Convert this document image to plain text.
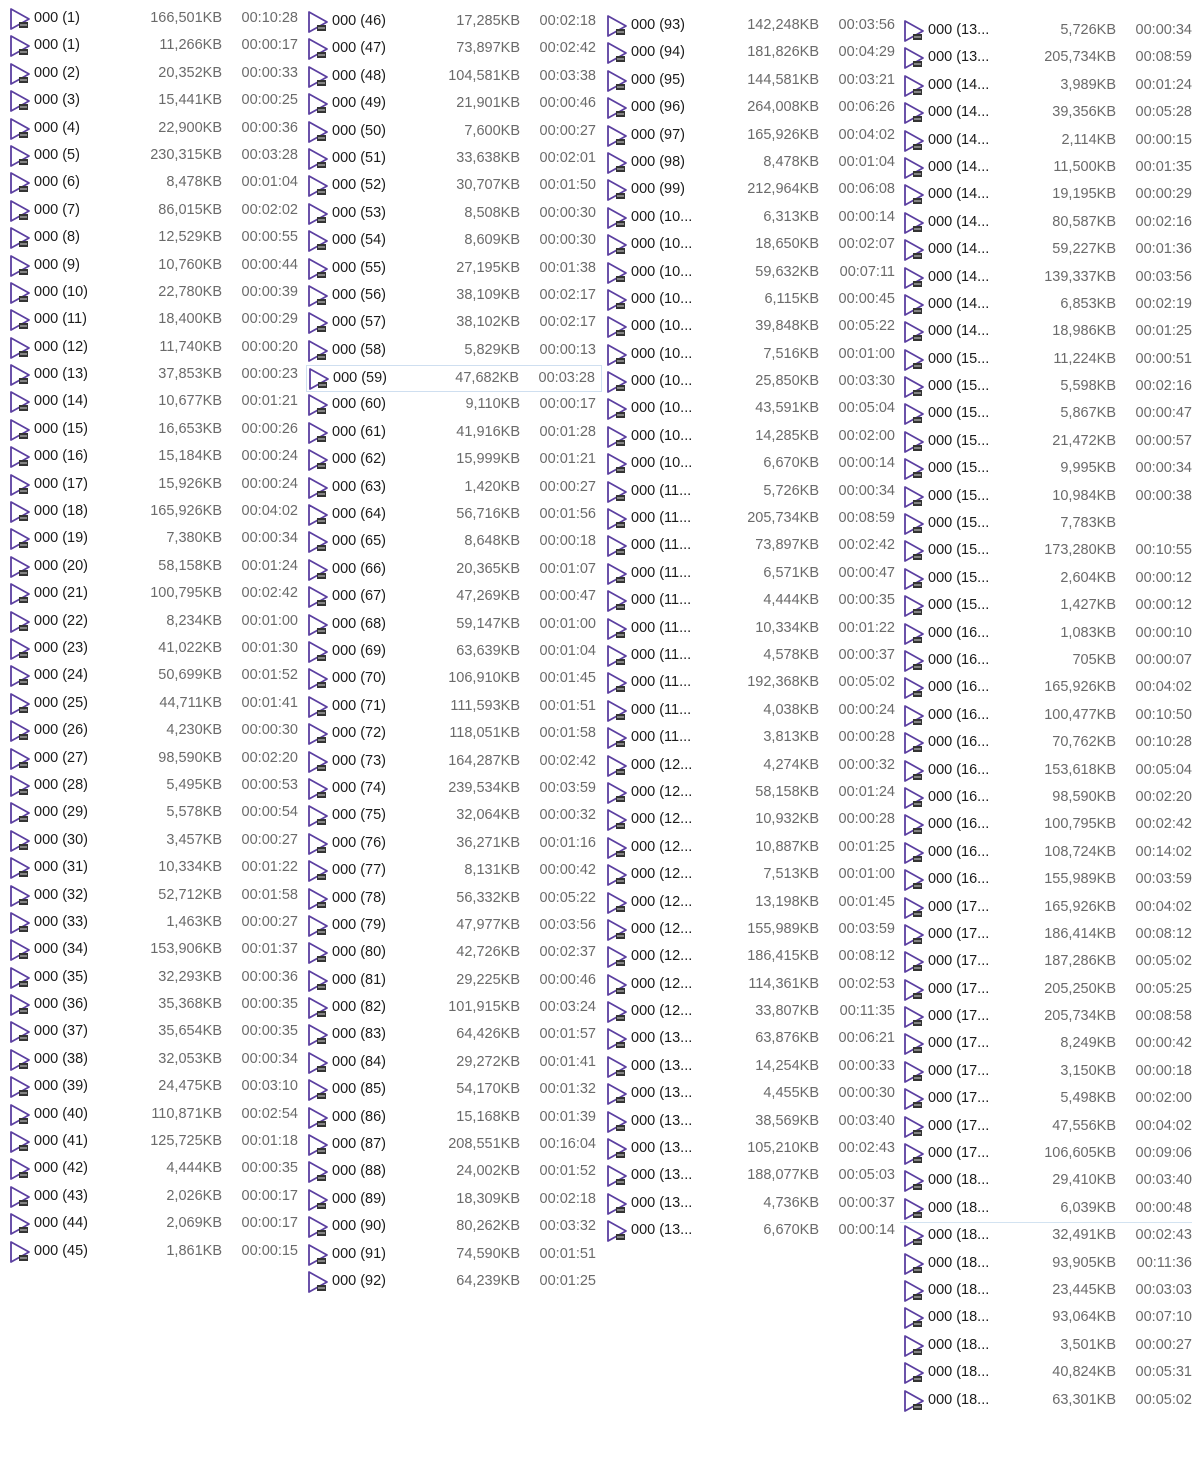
000 (1)	166,501KB 00:10:28
000 (1)	11,266KB 00:00:17
000 (2)	20,352KB 00:00:33
000 (3)	15,441KB 00:00:25
000 (4)	22,900KB 00:00:36
000 (5)	230,315KB 00:03:28
000 (6)	8,478KB 00:01:04
000 (7)	86,015KB 00:02:02
000 (8)	12,529KB 00:00:55
000 (9)	10,760KB 00:00:44
000 (10)	22,780KB 00:00:39
000 (11)	18,400KB 00:00:29
000 (12)	11,740KB 00:00:20
000 (13)	37,853KB 00:00:23
000 (14)	10,677KB 00:01:21
000 (15)	16,653KB 00:00:26
000 (16)	15,184KB 00:00:24
000 (17)	15,926KB 00:00:24
000 (18)	165,926KB 00:04:02
000 (19)	7,380KB 00:00:34
000 (20)	58,158KB 00:01:24
000 (21)	100,795KB 00:02:42
000 (22)	8,234KB 00:01:00
000 (23)	41,022KB 00:01:30
000 (24)	50,699KB 00:01:52
000 (25)	44,711KB 00:01:41
000 (26)	4,230KB 00:00:30
000 (27)	98,590KB 00:02:20
000 (28)	5,495KB 00:00:53
000 (29)	5,578KB 00:00:54
000 (30)	3,457KB 00:00:27
000 (31)	10,334KB 00:01:22
000 (32)	52,712KB 00:01:58
000 (33)	1,463KB 00:00:27
000 (34)	153,906KB 00:01:37
000 (35)	32,293KB 00:00:36
000 (36)	35,368KB 00:00:35
000 (37)	35,654KB 00:00:35
000 (38)	32,053KB 00:00:34
000 (39)	24,475KB 00:03:10
000 (40)	110,871KB 00:02:54
000 (41)	125,725KB 00:01:18
000 (42)	4,444KB 00:00:35
000 (43)	2,026KB 00:00:17
000 (44)	2,069KB 00:00:17
000 (45)	1,861KB 00:00:15
000 (46)	17,285KB 00:02:18
000 (47)	73,897KB 00:02:42
000 (48)	104,581KB 00:03:38
000 (49)	21,901KB 00:00:46
000 (50)	7,600KB 00:00:27
000 (51)	33,638KB 00:02:01
000 (52)	30,707KB 00:01:50
000 (53)	8,508KB 00:00:30
000 (54)	8,609KB 00:00:30
000 (55)	27,195KB 00:01:38
000 (56)	38,109KB 00:02:17
000 (57)	38,102KB 00:02:17
000 (58)	5,829KB 00:00:13
000 (59)	47,682KB 00:03:28
000 (60)	9,110KB 00:00:17
000 (61)	41,916KB 00:01:28
000 (62)	15,999KB 00:01:21
000 (63)	1,420KB 00:00:27
000 (64)	56,716KB 00:01:56
000 (65)	8,648KB 00:00:18
000 (66)	20,365KB 00:01:07
000 (67)	47,269KB 00:00:47
000 (68)	59,147KB 00:01:00
000 (69)	63,639KB 00:01:04
000 (70)	106,910KB 00:01:45
000 (71)	111,593KB 00:01:51
000 (72)	118,051KB 00:01:58
000 (73)	164,287KB 00:02:42
000 (74)	239,534KB 00:03:59
000 (75)	32,064KB 00:00:32
000 (76)	36,271KB 00:01:16
000 (77)	8,131KB 00:00:42
000 (78)	56,332KB 00:05:22
000 (79)	47,977KB 00:03:56
000 (80)	42,726KB 00:02:37
000 (81)	29,225KB 00:00:46
000 (82)	101,915KB 00:03:24
000 (83)	64,426KB 00:01:57
000 (84)	29,272KB 00:01:41
000 (85)	54,170KB 00:01:32
000 (86)	15,168KB 00:01:39
000 (87)	208,551KB 00:16:04
000 (88)	24,002KB 00:01:52
000 (89)	18,309KB 00:02:18
000 (90)	80,262KB 00:03:32
000 (91)	74,590KB 00:01:51
000 (92)	64,239KB 00:01:25
000 (93)	142,248KB 00:03:56
000 (94)	181,826KB 00:04:29
000 (95)	144,581KB 00:03:21
000 (96)	264,008KB 00:06:26
000 (97)	165,926KB 00:04:02
000 (98)	8,478KB 00:01:04
000 (99)	212,964KB 00:06:08
000 (10...	6,313KB 00:00:14
000 (10...	18,650KB 00:02:07
000 (10...	59,632KB 00:07:11
000 (10...	6,115KB 00:00:45
000 (10...	39,848KB 00:05:22
000 (10...	7,516KB 00:01:00
000 (10...	25,850KB 00:03:30
000 (10...	43,591KB 00:05:04
000 (10...	14,285KB 00:02:00
000 (10...	6,670KB 00:00:14
000 (11...	5,726KB 00:00:34
000 (11...	205,734KB 00:08:59
000 (11...	73,897KB 00:02:42
000 (11...	6,571KB 00:00:47
000 (11...	4,444KB 00:00:35
000 (11...	10,334KB 00:01:22
000 (11...	4,578KB 00:00:37
000 (11...	192,368KB 00:05:02
000 (11...	4,038KB 00:00:24
000 (11...	3,813KB 00:00:28
000 (12...	4,274KB 00:00:32
000 (12...	58,158KB 00:01:24
000 (12...	10,932KB 00:00:28
000 (12...	10,887KB 00:01:25
000 (12...	7,513KB 00:01:00
000 (12...	13,198KB 00:01:45
000 (12...	155,989KB 00:03:59
000 (12...	186,415KB 00:08:12
000 (12...	114,361KB 00:02:53
000 (12...	33,807KB 00:11:35
000 (13...	63,876KB 00:06:21
000 (13...	14,254KB 00:00:33
000 (13...	4,455KB 00:00:30
000 (13...	38,569KB 00:03:40
000 (13...	105,210KB 00:02:43
000 (13...	188,077KB 00:05:03
000 (13...	4,736KB 00:00:37
000 (13...	6,670KB 00:00:14
000 (13...	5,726KB 00:00:34
000 (13...	205,734KB 00:08:59
000 (14...	3,989KB 00:01:24
000 (14...	39,356KB 00:05:28
000 (14...	2,114KB 00:00:15
000 (14...	11,500KB 00:01:35
000 (14...	19,195KB 00:00:29
000 (14...	80,587KB 00:02:16
000 (14...	59,227KB 00:01:36
000 (14...	139,337KB 00:03:56
000 (14...	6,853KB 00:02:19
000 (14...	18,986KB 00:01:25
000 (15...	11,224KB 00:00:51
000 (15...	5,598KB 00:02:16
000 (15...	5,867KB 00:00:47
000 (15...	21,472KB 00:00:57
000 (15...	9,995KB 00:00:34
000 (15...	10,984KB 00:00:38
000 (15...	7,783KB
000 (15...	173,280KB 00:10:55
000 (15...	2,604KB 00:00:12
000 (15...	1,427KB 00:00:12
000 (16...	1,083KB 00:00:10
000 (16...	705KB 00:00:07
000 (16...	165,926KB 00:04:02
000 (16...	100,477KB 00:10:50
000 (16...	70,762KB 00:10:28
000 (16...	153,618KB 00:05:04
000 (16...	98,590KB 00:02:20
000 (16...	100,795KB 00:02:42
000 (16...	108,724KB 00:14:02
000 (16...	155,989KB 00:03:59
000 (17...	165,926KB 00:04:02
000 (17...	186,414KB 00:08:12
000 (17...	187,286KB 00:05:02
000 (17...	205,250KB 00:05:25
000 (17...	205,734KB 00:08:58
000 (17...	8,249KB 00:00:42
000 (17...	3,150KB 00:00:18
000 (17...	5,498KB 00:02:00
000 (17...	47,556KB 00:04:02
000 (17...	106,605KB 00:09:06
000 (18...	29,410KB 00:03:40
000 (18...	6,039KB 00:00:48
000 (18...	32,491KB 00:02:43
000 (18...	93,905KB 00:11:36
000 (18...	23,445KB 00:03:03
000 (18...	93,064KB 00:07:10
000 (18...	3,501KB 00:00:27
000 (18...	40,824KB 00:05:31
000 (18...	63,301KB 00:05:02
